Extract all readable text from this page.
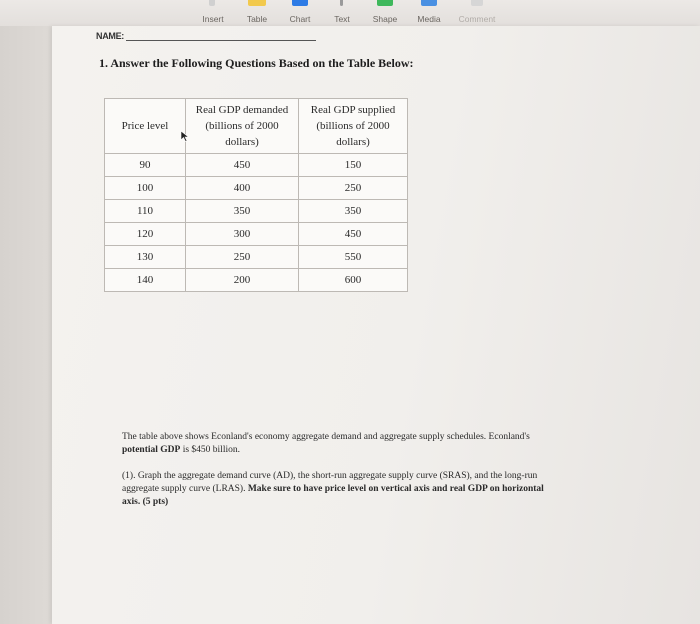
Insert	Table	Chart	Text	Shape Media Comment
NAME:
1. Answer the Following Questions Based on the Table Below:
Price level	Real GDP demanded (billions of 2000 dollars)	Real GDP supplied (billions of 2000 dollars)
90	450	150
100	400	250
110	350	350
120	300	450
130	250	550
140	200	600
The table above shows Econland's economy aggregate demand and aggregate supply schedules. Econland's potential GDP is $450 billion.
(1). Graph the aggregate demand curve (AD), the short-run aggregate supply curve (SRAS), and the long-run aggregate supply curve (LRAS). Make sure to have price level on vertical axis and real GDP on horizontal axis. (5 pts)
